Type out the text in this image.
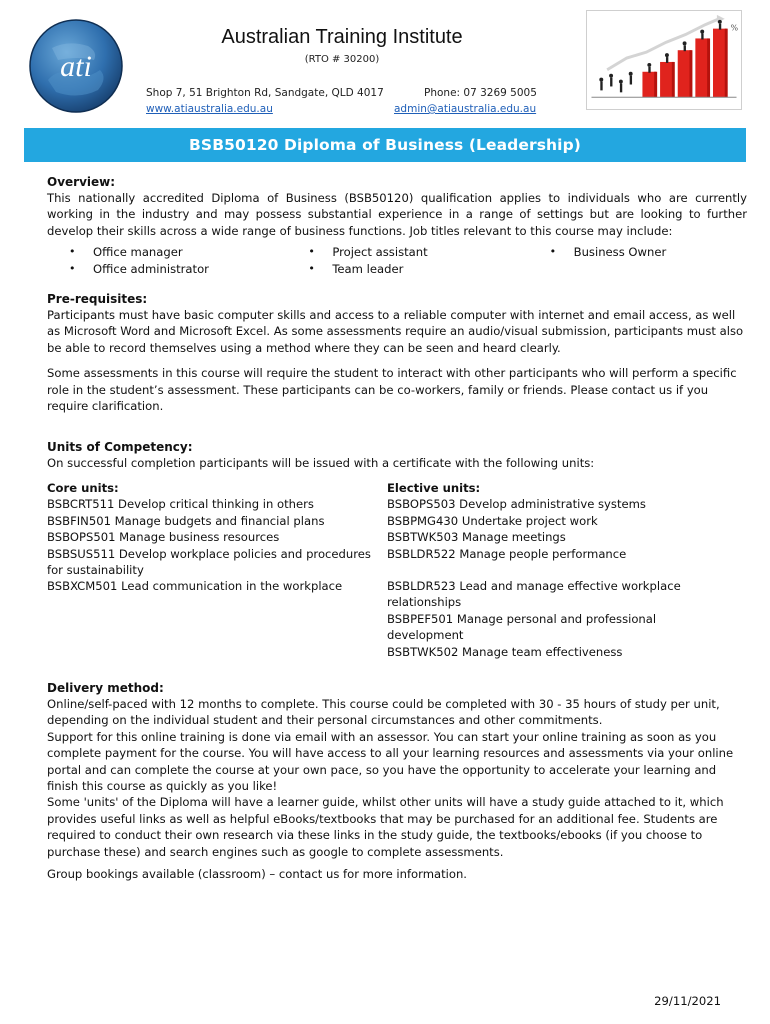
ati
Australian Training Institute
(RTO # 30200)
Shop 7, 51 Brighton Rd, Sandgate, QLD 4017
www.atiaustralia.edu.au
Phone: 07 3269 5005
admin@atiaustralia.edu.au
%
BSB50120 Diploma of Business (Leadership)
Overview:

This nationally accredited Diploma of Business (BSB50120) qualification applies to individuals who are currently working in the industry and may possess substantial experience in a range of settings but are looking to further develop their skills across a wide range of business functions. Job titles relevant to this course may include:

• Office manager
• Office administrator
• Project assistant
• Team leader
• Business Owner
Pre-requisites:

Participants must have basic computer skills and access to a reliable computer with internet and email access, as well as Microsoft Word and Microsoft Excel. As some assessments require an audio/visual submission, participants must also be able to record themselves using a method where they can be seen and heard clearly.

Some assessments in this course will require the student to interact with other participants who will perform a specific role in the student’s assessment. These participants can be co-workers, family or friends. Please contact us if you require clarification.

Units of Competency:

On successful completion participants will be issued with a certificate with the following units:

Core units:
BSBCRT511 Develop critical thinking in others
BSBFIN501 Manage budgets and financial plans
BSBOPS501 Manage business resources
BSBSUS511 Develop workplace policies and procedures for sustainability
BSBXCM501 Lead communication in the workplace
Elective units:
BSBOPS503 Develop administrative systems
BSBPMG430 Undertake project work
BSBTWK503 Manage meetings
BSBLDR522 Manage people performance
BSBLDR523 Lead and manage effective workplace relationships
BSBPEF501 Manage personal and professional development
BSBTWK502 Manage team effectiveness
Delivery method:

Online/self-paced with 12 months to complete. This course could be completed with 30 - 35 hours of study per unit, depending on the individual student and their personal circumstances and other commitments.

Support for this online training is done via email with an assessor. You can start your online training as soon as you complete payment for the course. You will have access to all your learning resources and assessments via your online portal and can complete the course at your own pace, so you have the opportunity to accelerate your learning and finish this course as quickly as you like!

Some 'units' of the Diploma will have a learner guide, whilst other units will have a study guide attached to it, which provides useful links as well as helpful eBooks/textbooks that may be purchased for an additional fee. Students are required to conduct their own research via these links in the study guide, the textbooks/ebooks (if you choose to purchase these) and search engines such as google to complete assessments.

Group bookings available (classroom) – contact us for more information.

29/11/2021
